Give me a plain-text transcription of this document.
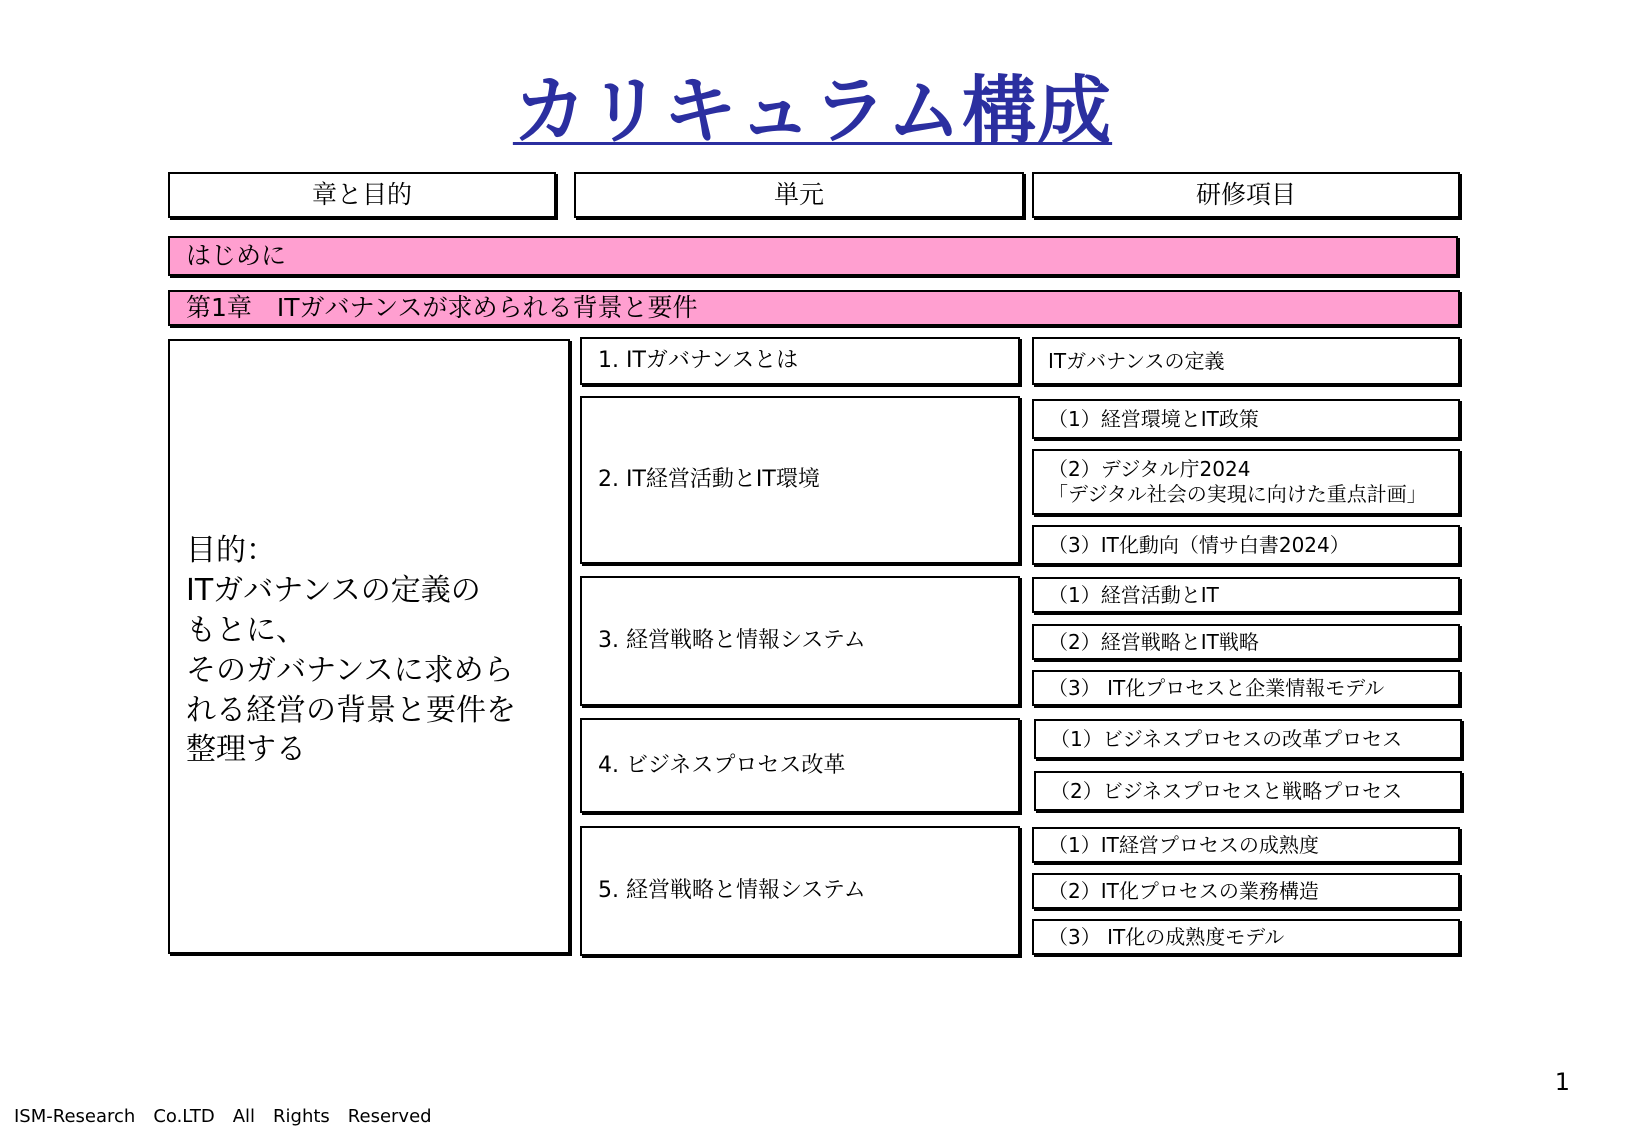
カリキュラム構成
章と目的	単元	研修項目
はじめに
第1章　ITガバナンスが求められる背景と要件
目的：
ITガバナンスの定義の
もとに、
そのガバナンスに求めら
れる経営の背景と要件を
整理する
1. ITガバナンスとは
2. IT経営活動とIT環境
3. 経営戦略と情報システム
4. ビジネスプロセス改革
5. 経営戦略と情報システム
ITガバナンスの定義
（1）経営環境とIT政策
（2）デジタル庁2024
「デジタル社会の実現に向けた重点計画」
（3）IT化動向（情サ白書2024）
（1）経営活動とIT
（2）経営戦略とIT戦略
（3） IT化プロセスと企業情報モデル
（1）ビジネスプロセスの改革プロセス
（2）ビジネスプロセスと戦略プロセス
（1）IT経営プロセスの成熟度
（2）IT化プロセスの業務構造
（3） IT化の成熟度モデル
1
ISM-Research　Co.LTD　All　Rights　Reserved
